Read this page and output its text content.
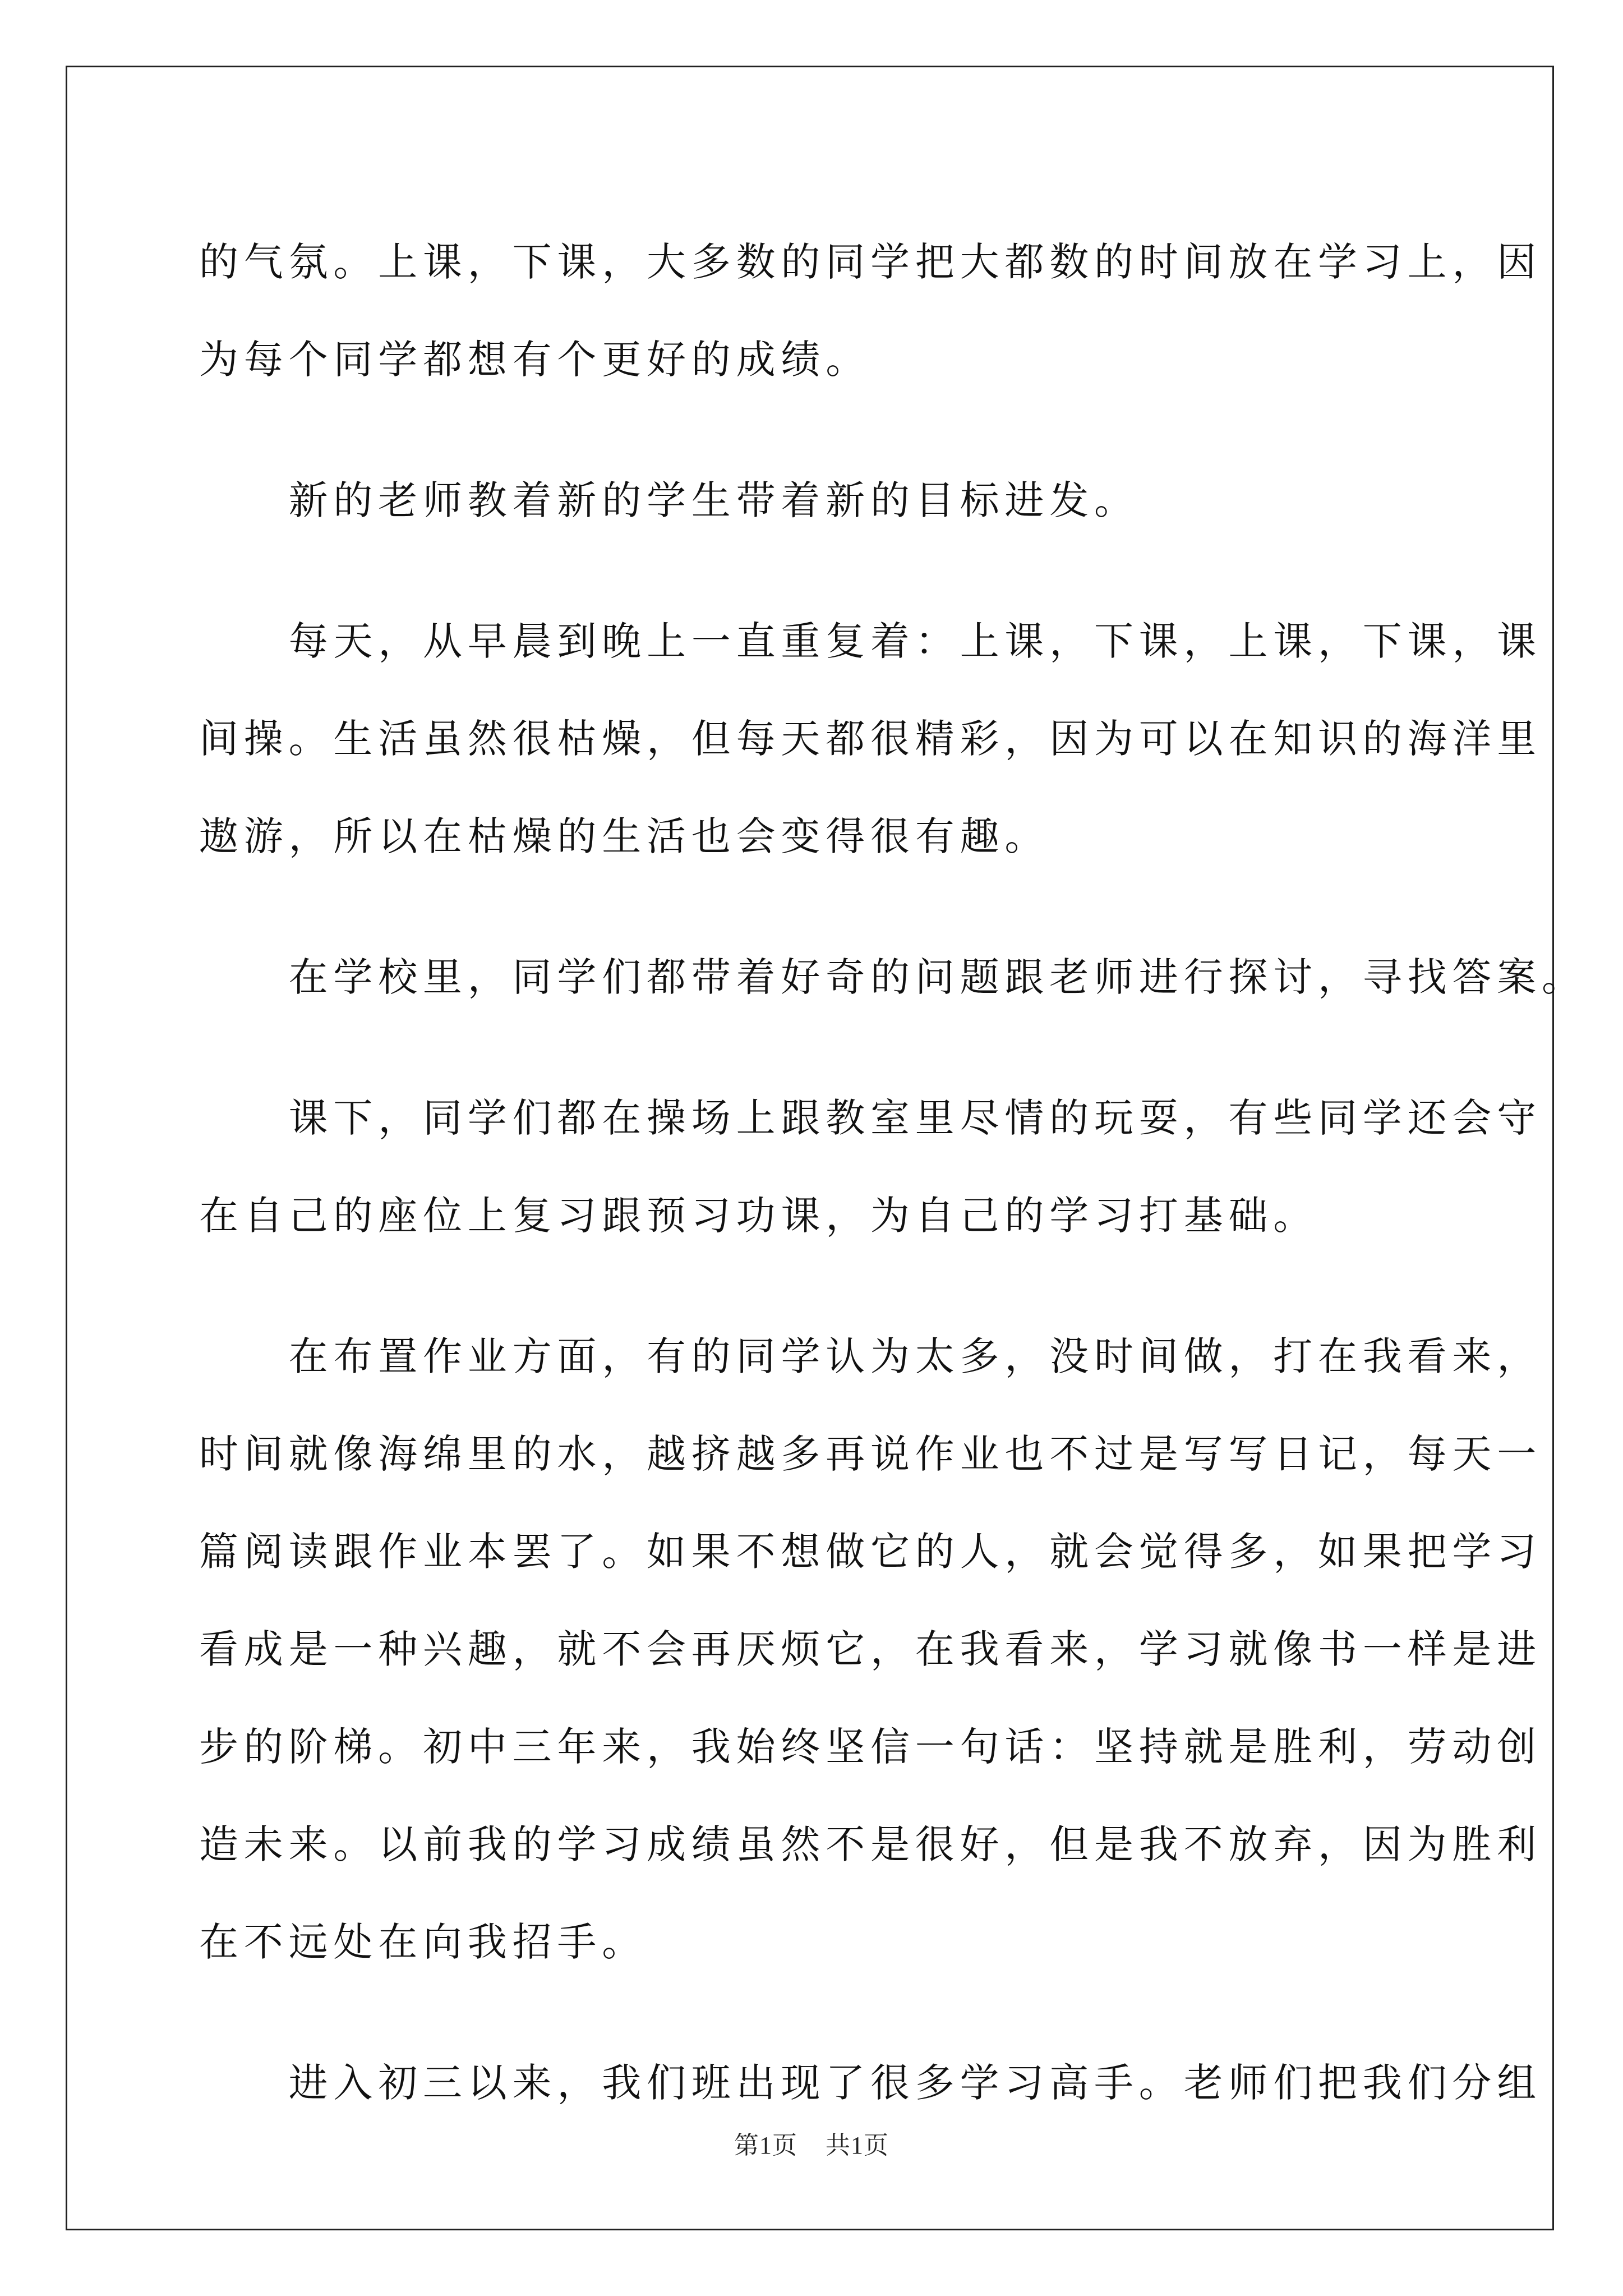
的气氛。上课，下课，大多数的同学把大都数的时间放在学习上，因
为每个同学都想有个更好的成绩。
　　新的老师教着新的学生带着新的目标进发。
　　每天，从早晨到晚上一直重复着：上课，下课，上课，下课，课
间操。生活虽然很枯燥，但每天都很精彩，因为可以在知识的海洋里
遨游，所以在枯燥的生活也会变得很有趣。
　　在学校里，同学们都带着好奇的问题跟老师进行探讨，寻找答案。
　　课下，同学们都在操场上跟教室里尽情的玩耍，有些同学还会守
在自己的座位上复习跟预习功课，为自己的学习打基础。
　　在布置作业方面，有的同学认为太多，没时间做，打在我看来，
时间就像海绵里的水，越挤越多再说作业也不过是写写日记，每天一
篇阅读跟作业本罢了。如果不想做它的人，就会觉得多，如果把学习
看成是一种兴趣，就不会再厌烦它，在我看来，学习就像书一样是进
步的阶梯。初中三年来，我始终坚信一句话：坚持就是胜利，劳动创
造未来。以前我的学习成绩虽然不是很好，但是我不放弃，因为胜利
在不远处在向我招手。
　　进入初三以来，我们班出现了很多学习高手。老师们把我们分组
第1页 共1页
